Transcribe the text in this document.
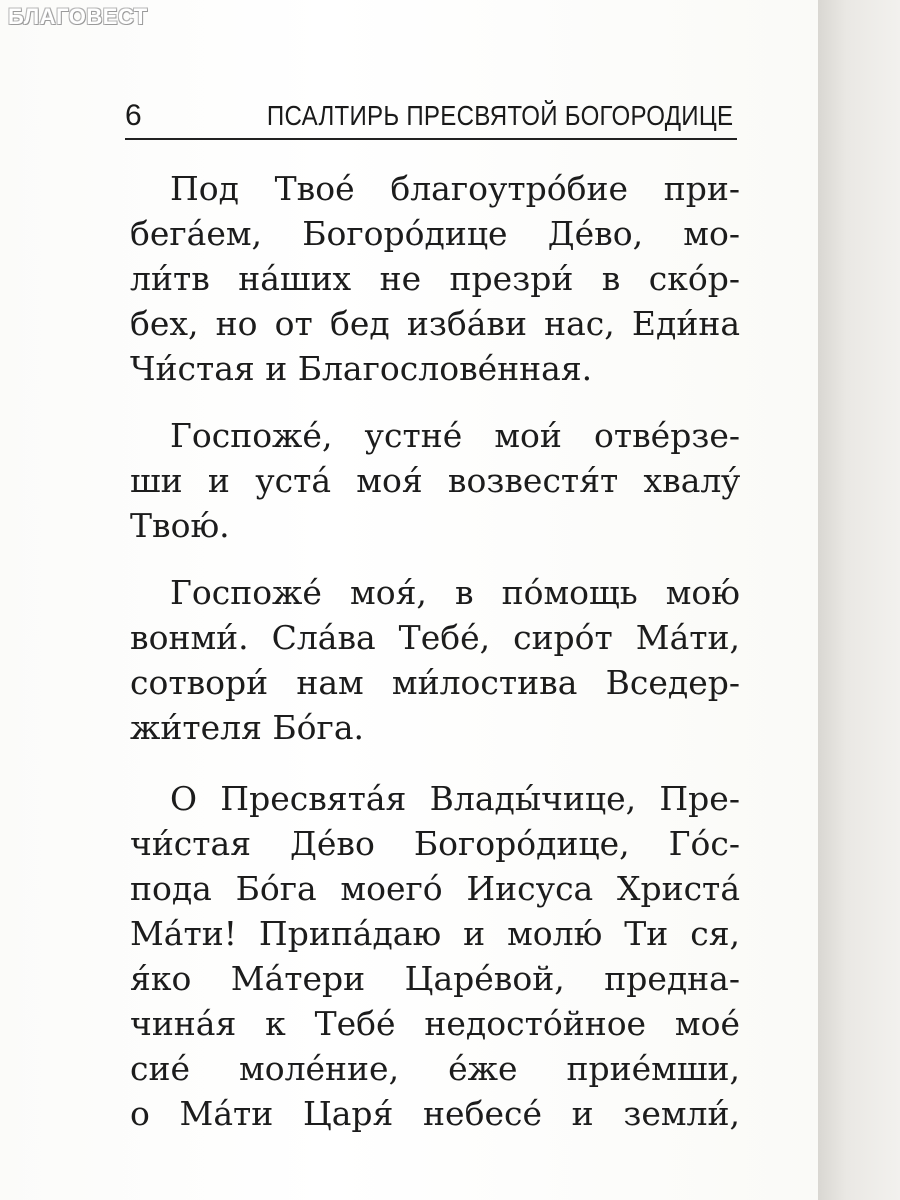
6	ПСАЛТИРЬ ПРЕСВЯТОЙ БОГОРОДИЦЕ
Под Твоé благоутрóбие при-
бегáем, Богорóдице Дéво, мо-
ли́тв нáших не презри́ в скóр-
бех, но от бед избáви нас, Еди́на
Чи́стая и Благословéнная.
Госпожé, устнé мои́ отвéрзе-
ши и устá моя́ возвестя́т хвалý
Твою́.
Госпожé моя́, в пóмощь мою́
вонми́. Слáва Тебé, сирóт Мáти,
сотвори́ нам ми́лостива Вседер-
жи́теля Бóга.
О Пресвятáя Влады́чице, Пре-
чи́стая Дéво Богорóдице, Гóс-
пода Бóга моегó Иисуса Христá
Мáти! Припáдаю и молю́ Ти ся,
я́ко Мáтери Царéвой, предна-
чинáя к Тебé недостóйное моé
сиé молéние, éже приéмши,
о Мáти Царя́ небесé и земли́,
БЛАГОВЕСТ
